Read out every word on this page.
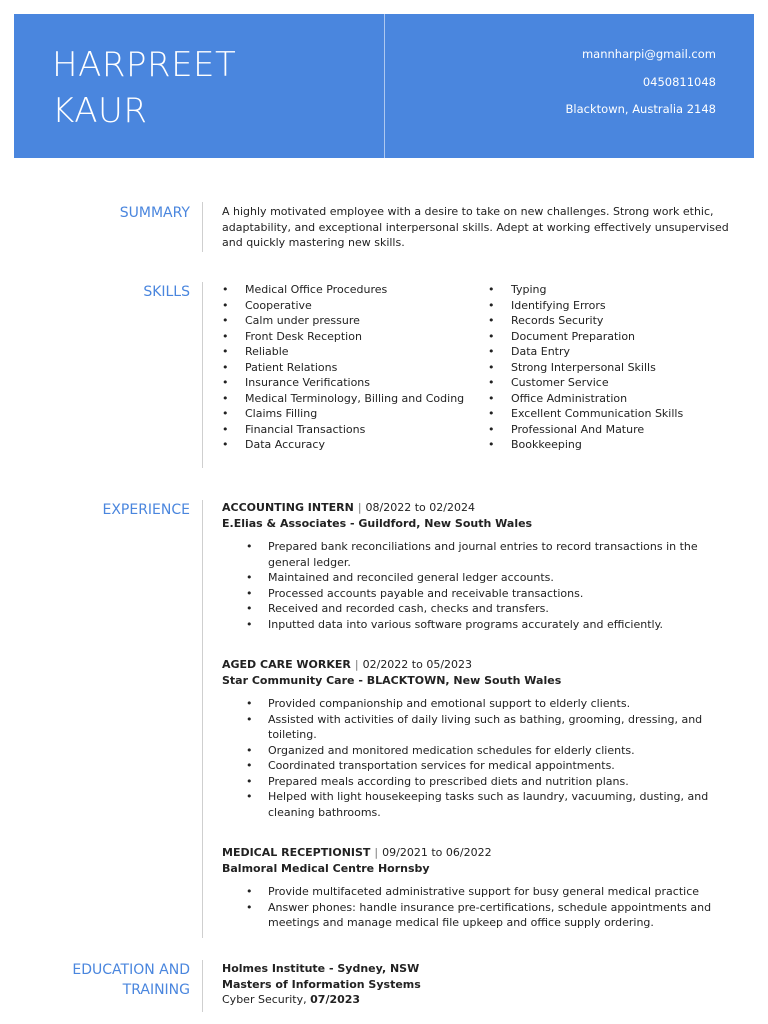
HARPREET
KAUR
mannharpi@gmail.com
0450811048
Blacktown, Australia 2148
SUMMARY	A highly motivated employee with a desire to take on new challenges. Strong work ethic, adaptability, and exceptional interpersonal skills. Adept at working effectively unsupervised and quickly mastering new skills.
SKILLS
•	Medical Office Procedures
• Cooperative
• Calm under pressure
• Front Desk Reception
• Reliable
• Patient Relations
• Insurance Verifications
• Medical Terminology, Billing and Coding
• Claims Filling
• Financial Transactions
• Data Accuracy
• Typing
• Identifying Errors
• Records Security
• Document Preparation
• Data Entry
• Strong Interpersonal Skills
• Customer Service
• Office Administration
• Excellent Communication Skills
• Professional And Mature
• Bookkeeping
EXPERIENCE	ACCOUNTING INTERN | 08/2022 to 02/2024
E.Elias & Associates - Guildford, New South Wales
• Prepared bank reconciliations and journal entries to record transactions in the general ledger.
• Maintained and reconciled general ledger accounts.
• Processed accounts payable and receivable transactions.
• Received and recorded cash, checks and transfers.
• Inputted data into various software programs accurately and efficiently.
AGED CARE WORKER | 02/2022 to 05/2023
Star Community Care - BLACKTOWN, New South Wales
• Provided companionship and emotional support to elderly clients.
• Assisted with activities of daily living such as bathing, grooming, dressing, and toileting.
• Organized and monitored medication schedules for elderly clients.
• Coordinated transportation services for medical appointments.
• Prepared meals according to prescribed diets and nutrition plans.
• Helped with light housekeeping tasks such as laundry, vacuuming, dusting, and cleaning bathrooms.
MEDICAL RECEPTIONIST | 09/2021 to 06/2022
Balmoral Medical Centre Hornsby
• Provide multifaceted administrative support for busy general medical practice
• Answer phones: handle insurance pre-certifications, schedule appointments and meetings and manage medical file upkeep and office supply ordering.
EDUCATION AND
TRAINING
Holmes Institute - Sydney, NSW
Masters of Information Systems
Cyber Security, 07/2023
